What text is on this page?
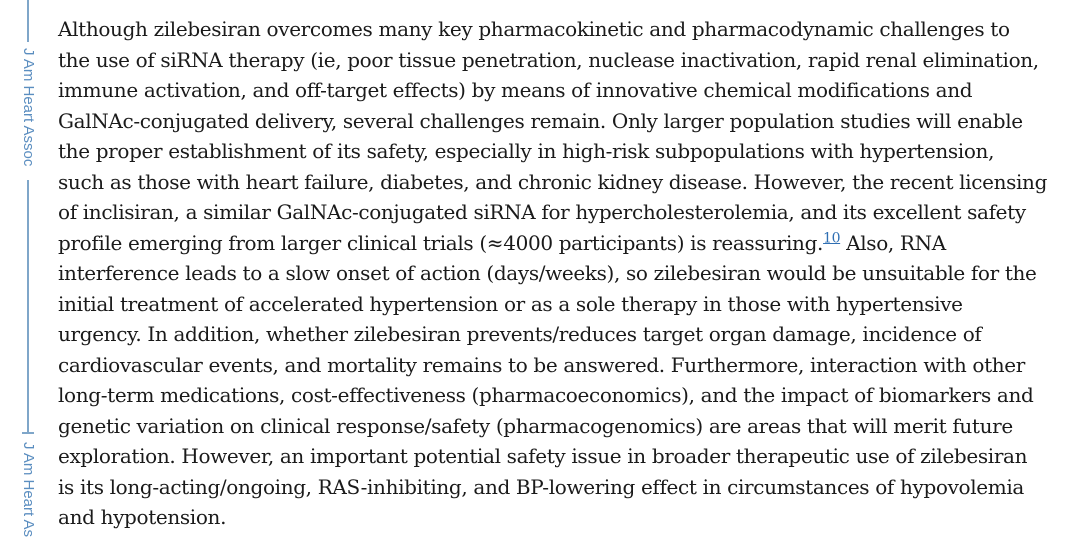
J Am Heart Assoc
J Am Heart As

Although zilebesiran overcomes many key pharmacokinetic and pharmacodynamic challenges to
the use of siRNA therapy (ie, poor tissue penetration, nuclease inactivation, rapid renal elimination,
immune activation, and off-target effects) by means of innovative chemical modifications and
GalNAc-conjugated delivery, several challenges remain. Only larger population studies will enable
the proper establishment of its safety, especially in high-risk subpopulations with hypertension,
such as those with heart failure, diabetes, and chronic kidney disease. However, the recent licensing
of inclisiran, a similar GalNAc-conjugated siRNA for hypercholesterolemia, and its excellent safety
profile emerging from larger clinical trials (≈4000 participants) is reassuring.$^{10}$ Also, RNA
interference leads to a slow onset of action (days/weeks), so zilebesiran would be unsuitable for the
initial treatment of accelerated hypertension or as a sole therapy in those with hypertensive
urgency. In addition, whether zilebesiran prevents/reduces target organ damage, incidence of
cardiovascular events, and mortality remains to be answered. Furthermore, interaction with other
long-term medications, cost-effectiveness (pharmacoeconomics), and the impact of biomarkers and
genetic variation on clinical response/safety (pharmacogenomics) are areas that will merit future
exploration. However, an important potential safety issue in broader therapeutic use of zilebesiran
is its long-acting/ongoing, RAS-inhibiting, and BP-lowering effect in circumstances of hypovolemia
and hypotension.
